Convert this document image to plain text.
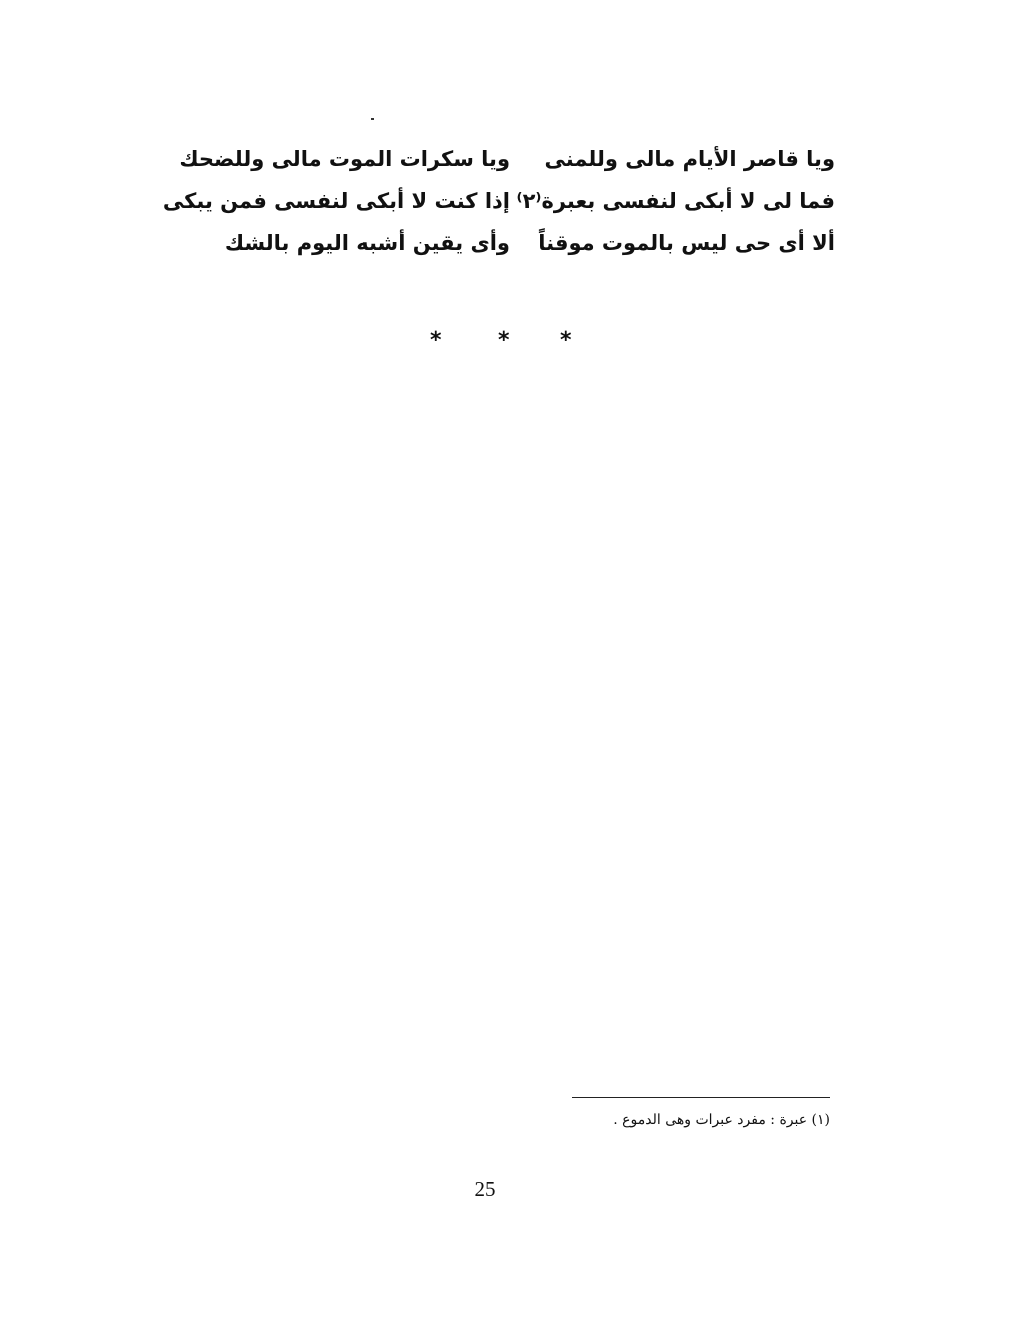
ويا قاصر الأيام مالى وللمنى
ويا سكرات الموت مالى وللضحك
فما لى لا أبكى لنفسى بعبرة⁽٢⁾
إذا كنت لا أبكى لنفسى فمن يبكى
ألا أى حى ليس بالموت موقناً
وأى يقين أشبه اليوم بالشك
*	* *
(١) عبرة : مفرد عبرات وهى الدموع .
25
